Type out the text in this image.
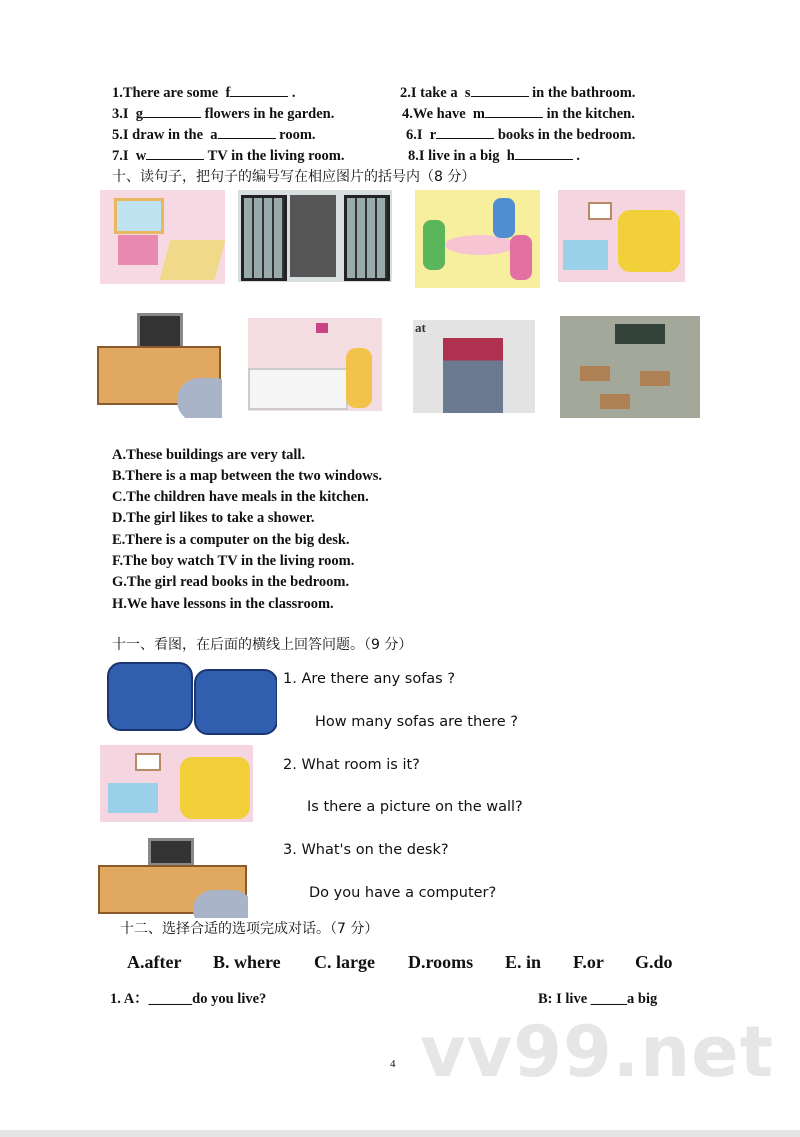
1.There are some f	.	2.I take a s	in the bathroom.
3.I g	flowers in he garden.	4.We have m	in the kitchen.
5.I draw in the a	room.	6.I r	books in the bedroom.
7.I w	TV in the living room.	8.I live in a big h	.
十、读句子，把句子的编号写在相应图片的括号内（8 分）
at
A.These buildings are very tall.
B.There is a map between the two windows.
C.The children have meals in the kitchen.
D.The girl likes to take a shower.
E.There is a computer on the big desk.
F.The boy watch TV in the living room.
G.The girl read books in the bedroom.
H.We have lessons in the classroom.
十一、看图，在后面的横线上回答问题。（9 分）
1. Are there any sofas ?
How many sofas are there ?
2. What room is it?
Is there a picture on the wall?
3. What's on the desk?
Do you have a computer?
十二、选择合适的选项完成对话。（7 分）
A.after B. where C. large D.rooms E. in F.or G.do
1. A：______do you live?	B: I live _____a big
vv99.net
4
